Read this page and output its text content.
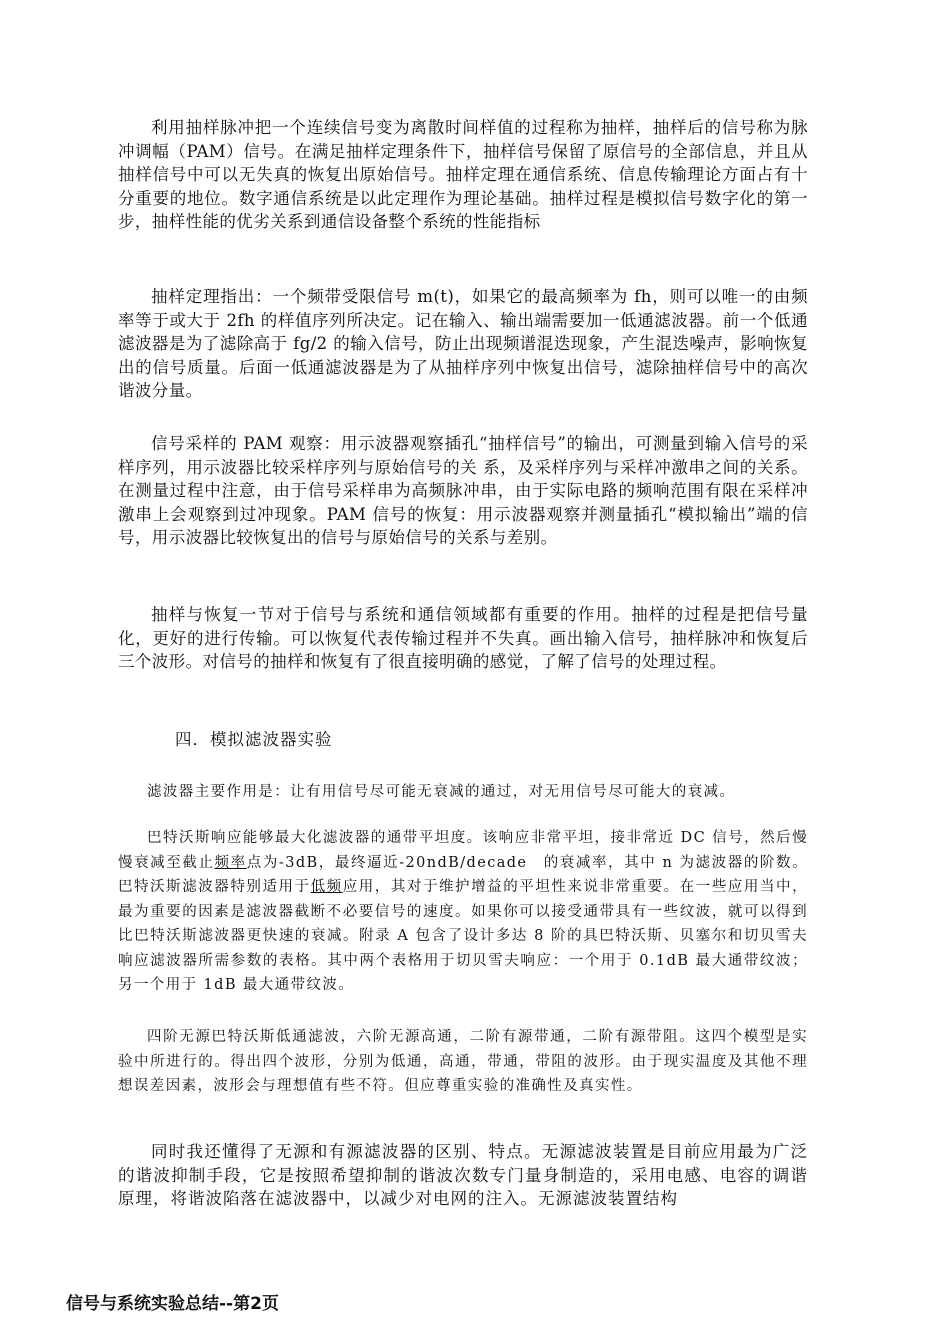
利用抽样脉冲把一个连续信号变为离散时间样值的过程称为抽样，抽样后的信号称为脉冲调幅（PAM）信号。在满足抽样定理条件下，抽样信号保留了原信号的全部信息，并且从抽样信号中可以无失真的恢复出原始信号。抽样定理在通信系统、信息传输理论方面占有十分重要的地位。数字通信系统是以此定理作为理论基础。抽样过程是模拟信号数字化的第一步，抽样性能的优劣关系到通信设备整个系统的性能指标

抽样定理指出：一个频带受限信号 m(t)，如果它的最高频率为 fh，则可以唯一的由频率等于或大于 2fh 的样值序列所决定。记在输入、输出端需要加一低通滤波器。前一个低通滤波器是为了滤除高于 fg/2 的输入信号，防止出现频谱混迭现象，产生混迭噪声，影响恢复出的信号质量。后面一低通滤波器是为了从抽样序列中恢复出信号，滤除抽样信号中的高次谐波分量。

信号采样的 PAM 观察：用示波器观察插孔“抽样信号”的输出，可测量到输入信号的采样序列，用示波器比较采样序列与原始信号的关 系，及采样序列与采样冲激串之间的关系。在测量过程中注意，由于信号采样串为高频脉冲串，由于实际电路的频响范围有限在采样冲激串上会观察到过冲现象。PAM 信号的恢复：用示波器观察并测量插孔“模拟输出”端的信号，用示波器比较恢复出的信号与原始信号的关系与差别。

抽样与恢复一节对于信号与系统和通信领域都有重要的作用。抽样的过程是把信号量化，更好的进行传输。可以恢复代表传输过程并不失真。画出输入信号，抽样脉冲和恢复后三个波形。对信号的抽样和恢复有了很直接明确的感觉，了解了信号的处理过程。

四．模拟滤波器实验

滤波器主要作用是：让有用信号尽可能无衰减的通过，对无用信号尽可能大的衰减。

巴特沃斯响应能够最大化滤波器的通带平坦度。该响应非常平坦，接非常近 DC 信号，然后慢慢衰减至截止频率点为-3dB，最终逼近-20ndB/decade　的衰减率，其中 n 为滤波器的阶数。巴特沃斯滤波器特别适用于低频应用，其对于维护增益的平坦性来说非常重要。在一些应用当中，最为重要的因素是滤波器截断不必要信号的速度。如果你可以接受通带具有一些纹波，就可以得到比巴特沃斯滤波器更快速的衰减。附录 A 包含了设计多达 8 阶的具巴特沃斯、贝塞尔和切贝雪夫响应滤波器所需参数的表格。其中两个表格用于切贝雪夫响应：一个用于 0.1dB 最大通带纹波；另一个用于 1dB 最大通带纹波。

四阶无源巴特沃斯低通滤波，六阶无源高通，二阶有源带通，二阶有源带阻。这四个模型是实验中所进行的。得出四个波形，分别为低通，高通，带通，带阻的波形。由于现实温度及其他不理想误差因素，波形会与理想值有些不符。但应尊重实验的准确性及真实性。

同时我还懂得了无源和有源滤波器的区别、特点。无源滤波装置是目前应用最为广泛的谐波抑制手段，它是按照希望抑制的谐波次数专门量身制造的，采用电感、电容的调谐原理，将谐波陷落在滤波器中，以减少对电网的注入。无源滤波装置结构

信号与系统实验总结--第2页
